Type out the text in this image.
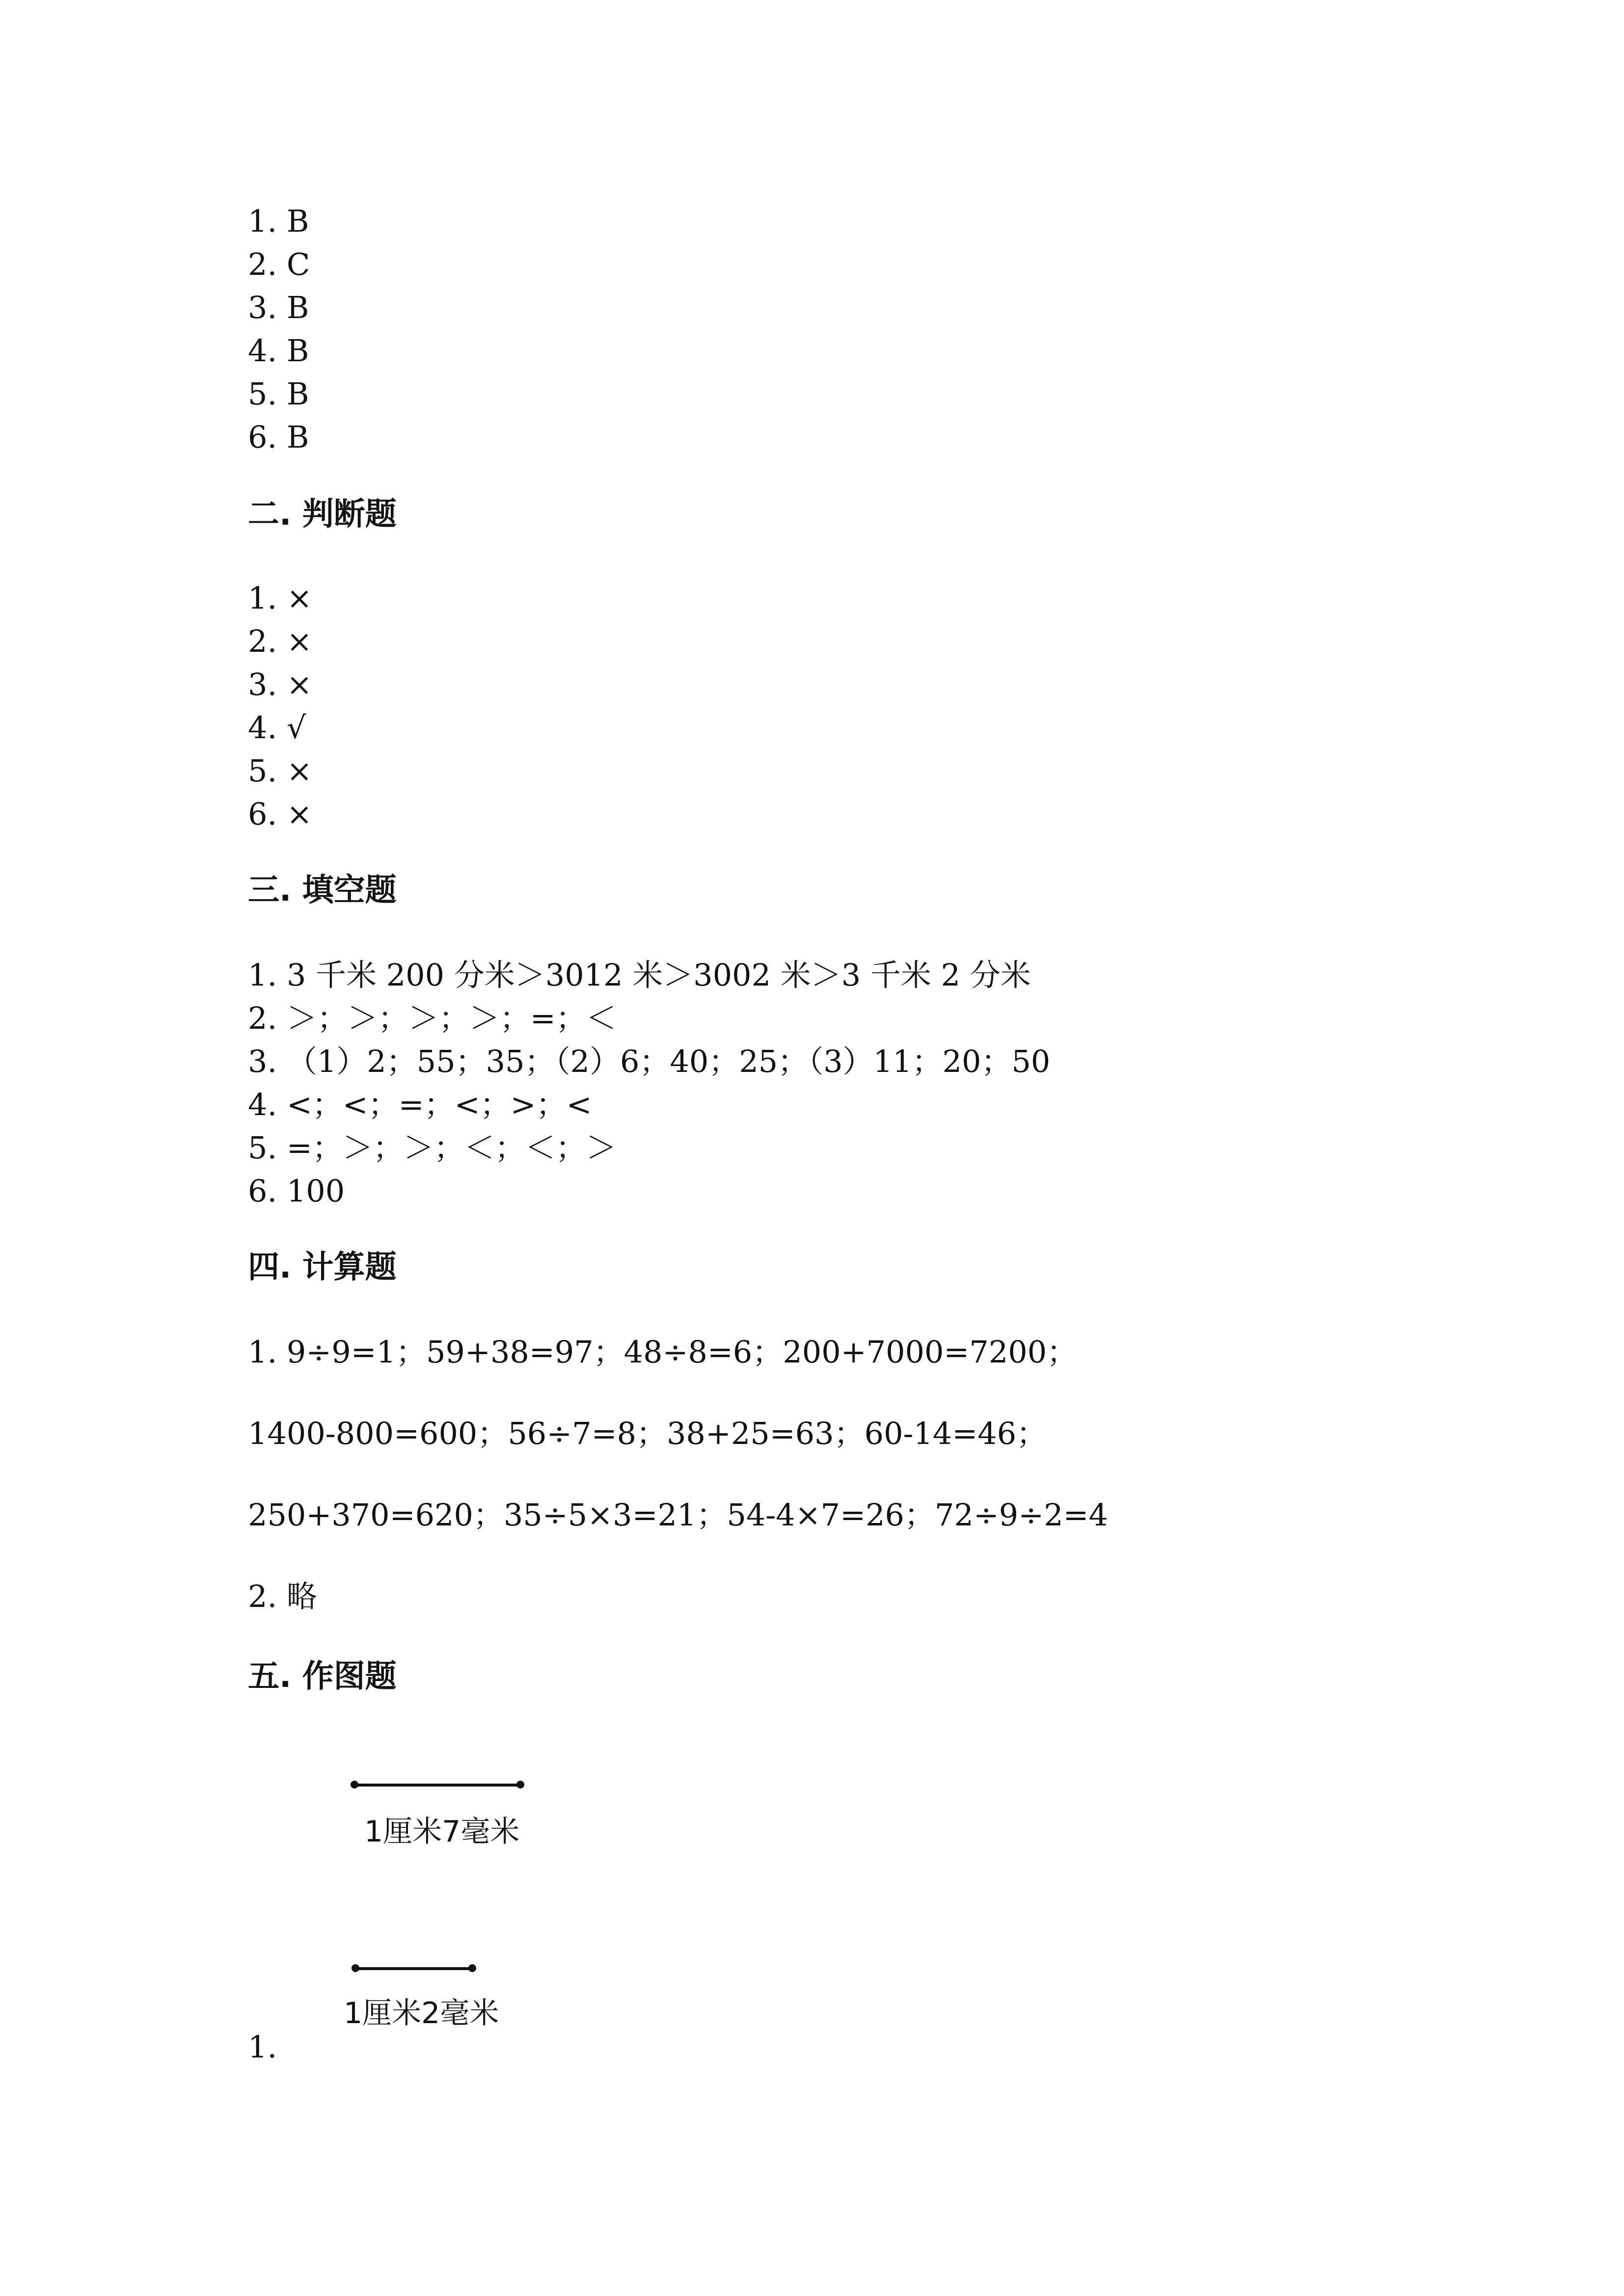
1. B

2. C

3. B

4. B

5. B

6. B

二. 判断题

1. ×

2. ×

3. ×

4. √

5. ×

6. ×

三. 填空题

1. 3 千米 200 分米＞3012 米＞3002 米＞3 千米 2 分米

2. ＞；＞；＞；＞；=；＜

3. （1）2；55；35；（2）6；40；25；（3）11；20；50

4. <；<；=；<；>；<

5. =；＞；＞；＜；＜；＞

6. 100

四. 计算题

1. 9÷9=1；59+38=97；48÷8=6；200+7000=7200；

1400-800=600；56÷7=8；38+25=63；60-14=46；

250+370=620；35÷5×3=21；54-4×7=26；72÷9÷2=4

2. 略

五. 作图题
1厘米7毫米
1厘米2毫米

1.
